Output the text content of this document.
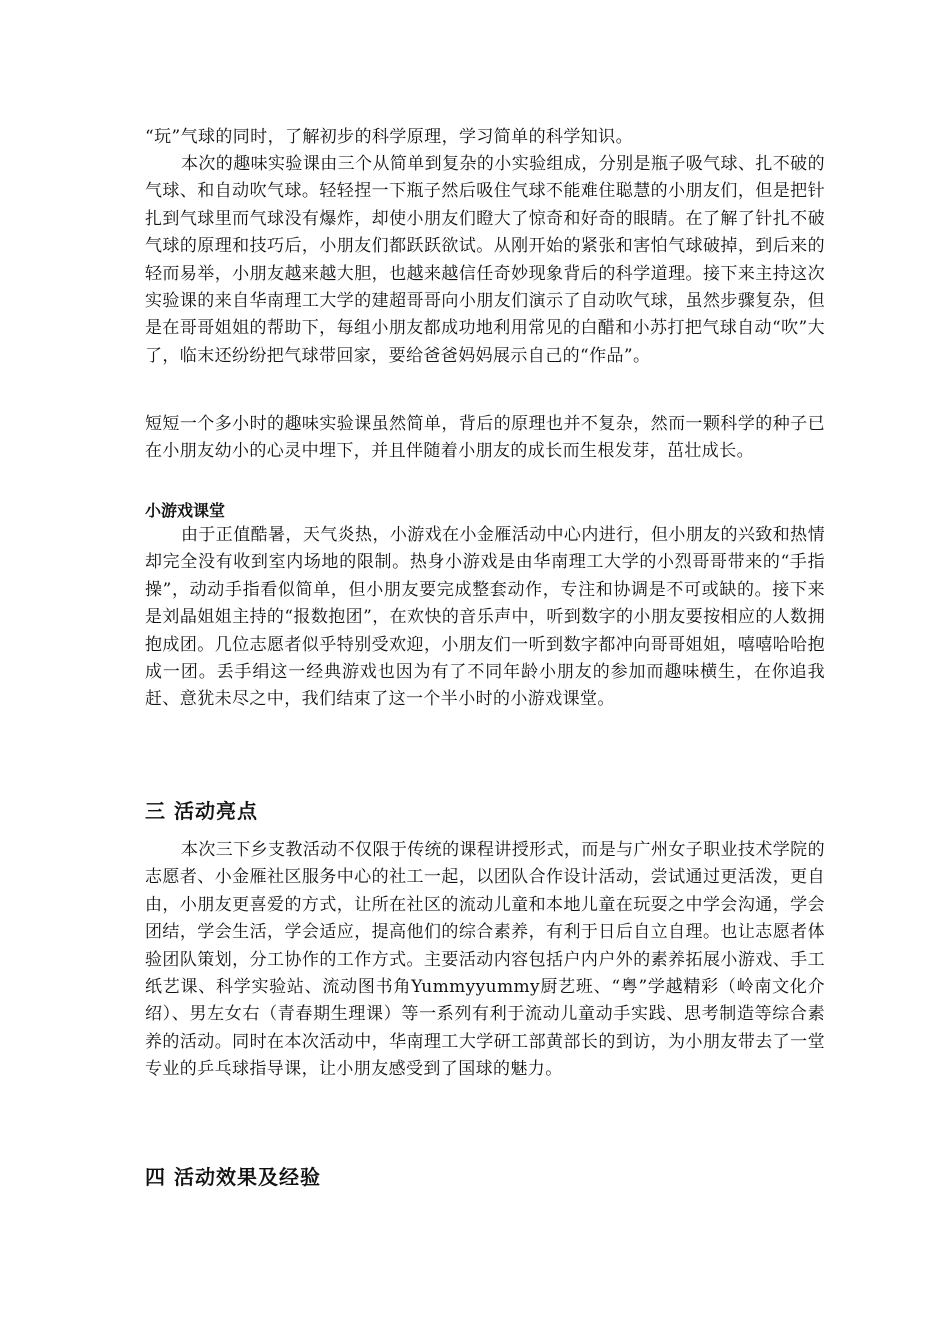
“玩”气球的同时，了解初步的科学原理，学习简单的科学知识。
本次的趣味实验课由三个从简单到复杂的小实验组成，分别是瓶子吸气球、扎不破的气球、和自动吹气球。轻轻捏一下瓶子然后吸住气球不能难住聪慧的小朋友们，但是把针扎到气球里而气球没有爆炸，却使小朋友们瞪大了惊奇和好奇的眼睛。在了解了针扎不破气球的原理和技巧后，小朋友们都跃跃欲试。从刚开始的紧张和害怕气球破掉，到后来的轻而易举，小朋友越来越大胆，也越来越信任奇妙现象背后的科学道理。接下来主持这次实验课的来自华南理工大学的建超哥哥向小朋友们演示了自动吹气球，虽然步骤复杂，但是在哥哥姐姐的帮助下，每组小朋友都成功地利用常见的白醋和小苏打把气球自动“吹”大了，临末还纷纷把气球带回家，要给爸爸妈妈展示自己的“作品”。
短短一个多小时的趣味实验课虽然简单，背后的原理也并不复杂，然而一颗科学的种子已在小朋友幼小的心灵中埋下，并且伴随着小朋友的成长而生根发芽，茁壮成长。
小游戏课堂
由于正值酷暑，天气炎热，小游戏在小金雁活动中心内进行，但小朋友的兴致和热情却完全没有收到室内场地的限制。热身小游戏是由华南理工大学的小烈哥哥带来的“手指操”，动动手指看似简单，但小朋友要完成整套动作，专注和协调是不可或缺的。接下来是刘晶姐姐主持的“报数抱团”，在欢快的音乐声中，听到数字的小朋友要按相应的人数拥抱成团。几位志愿者似乎特别受欢迎，小朋友们一听到数字都冲向哥哥姐姐，嘻嘻哈哈抱成一团。丢手绢这一经典游戏也因为有了不同年龄小朋友的参加而趣味横生，在你追我赶、意犹未尽之中，我们结束了这一个半小时的小游戏课堂。
三 活动亮点
本次三下乡支教活动不仅限于传统的课程讲授形式，而是与广州女子职业技术学院的志愿者、小金雁社区服务中心的社工一起，以团队合作设计活动，尝试通过更活泼，更自由，小朋友更喜爱的方式，让所在社区的流动儿童和本地儿童在玩耍之中学会沟通，学会团结，学会生活，学会适应，提高他们的综合素养，有利于日后自立自理。也让志愿者体验团队策划，分工协作的工作方式。主要活动内容包括户内户外的素养拓展小游戏、手工纸艺课、科学实验站、流动图书角Yummyyummy厨艺班、“粤”学越精彩（岭南文化介绍）、男左女右（青春期生理课）等一系列有利于流动儿童动手实践、思考制造等综合素养的活动。同时在本次活动中，华南理工大学研工部黄部长的到访，为小朋友带去了一堂专业的乒乓球指导课，让小朋友感受到了国球的魅力。
四 活动效果及经验
